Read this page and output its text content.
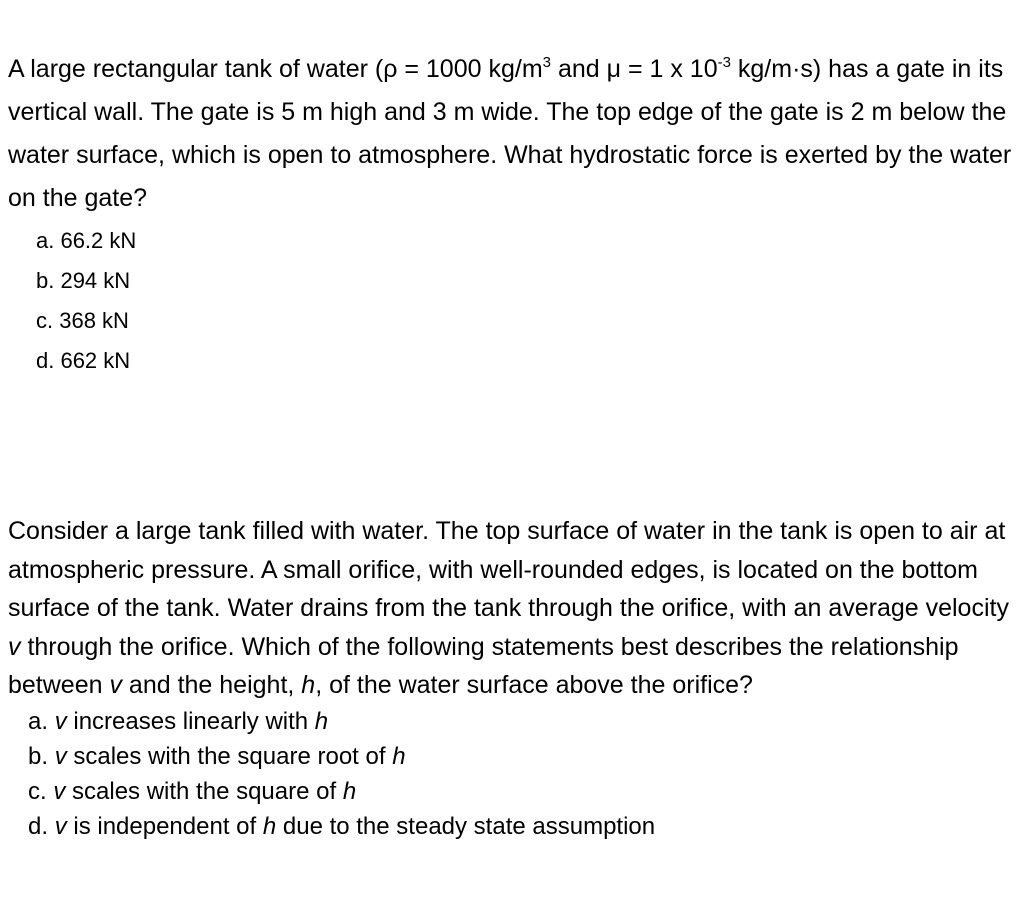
A large rectangular tank of water (ρ = 1000 $kg/m^3$ and μ = 1 x $10^{-3}$ kg/m·s) has a gate in its vertical wall. The gate is 5 m high and 3 m wide. The top edge of the gate is 2 m below the water surface, which is open to atmosphere. What hydrostatic force is exerted by the water on the gate?

a. 66.2 kN
b. 294 kN
c. 368 kN
d. 662 kN

Consider a large tank filled with water. The top surface of water in the tank is open to air at atmospheric pressure. A small orifice, with well-rounded edges, is located on the bottom surface of the tank. Water drains from the tank through the orifice, with an average velocity v through the orifice. Which of the following statements best describes the relationship between v and the height, h, of the water surface above the orifice?

a. v increases linearly with h
b. v scales with the square root of h
c. v scales with the square of h
d. v is independent of h due to the steady state assumption
